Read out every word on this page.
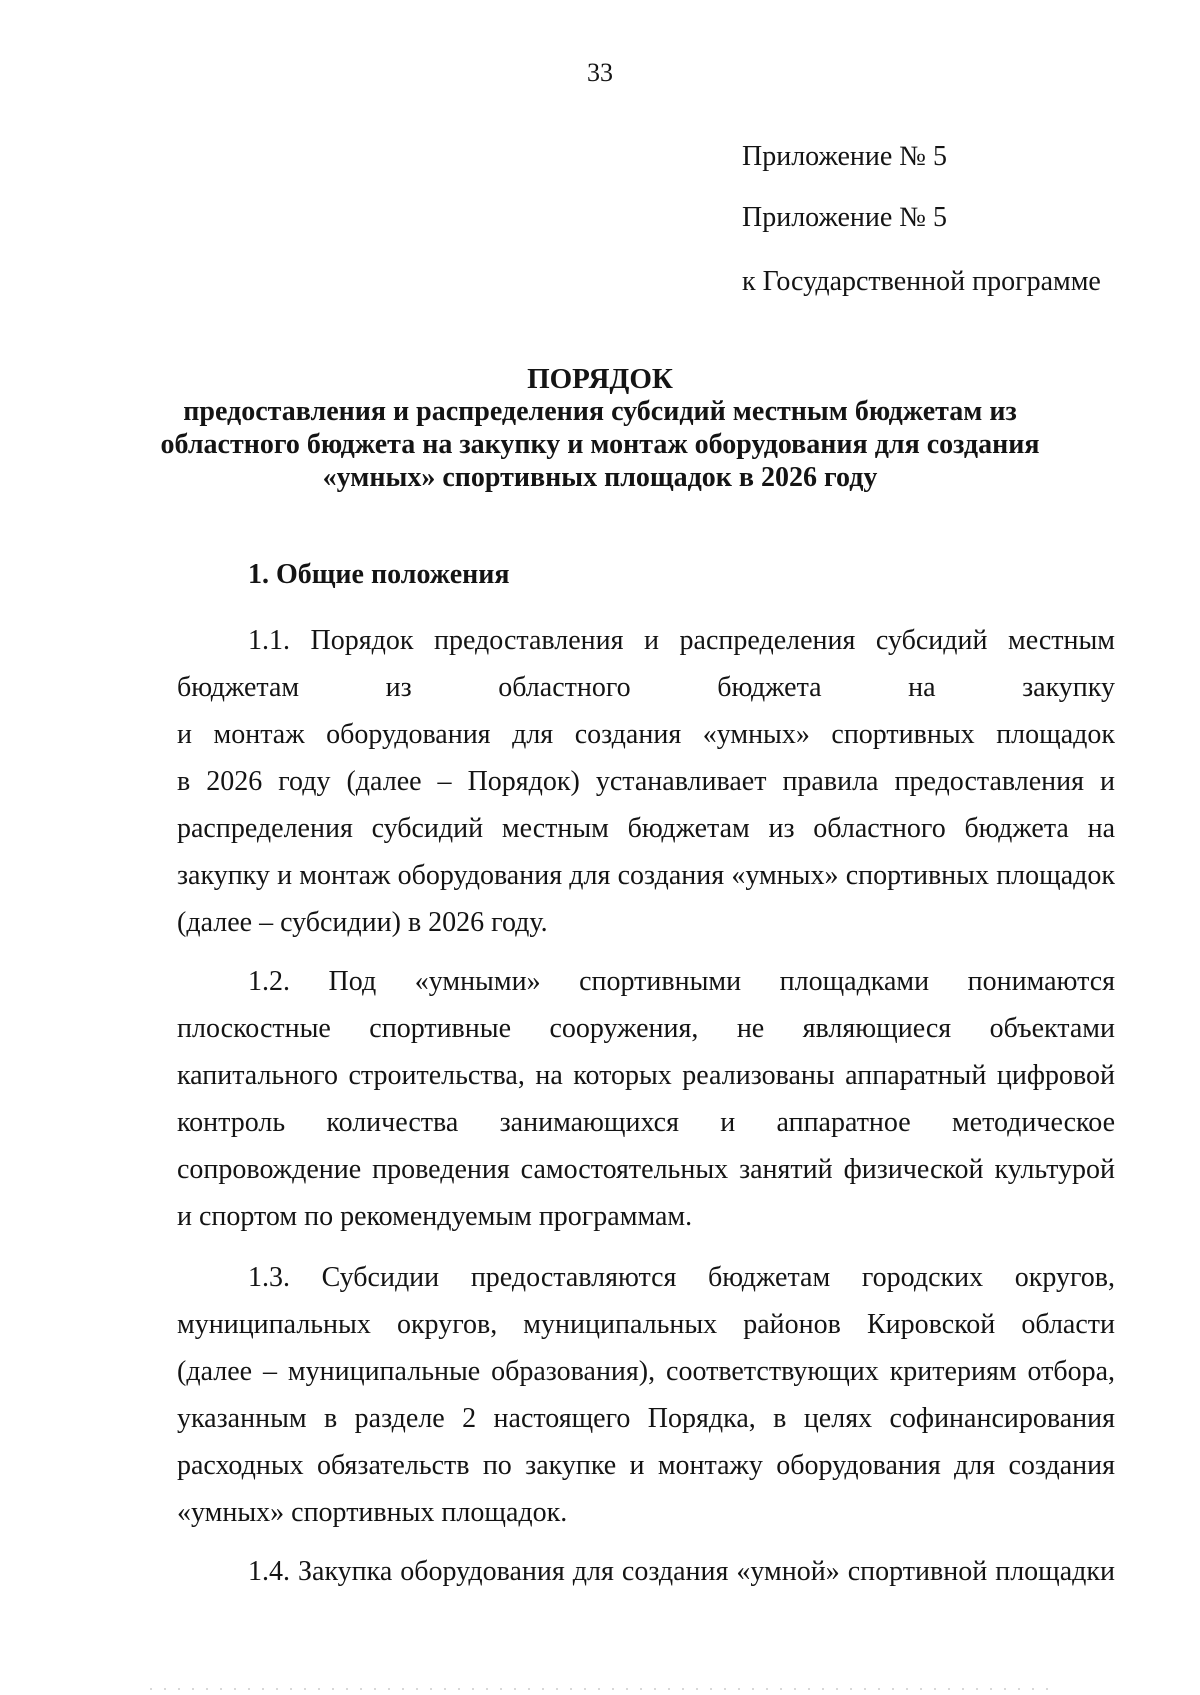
33
Приложение № 5
Приложение № 5
к Государственной программе
ПОРЯДОК
предоставления и распределения субсидий местным бюджетам из
областного бюджета на закупку и монтаж оборудования для создания
«умных» спортивных площадок в 2026 году
1. Общие положения
1.1. Порядок предоставления и распределения субсидий местным
бюджетам из областного бюджета на закупку
и монтаж оборудования для создания «умных» спортивных площадок
в 2026 году (далее – Порядок) устанавливает правила предоставления и
распределения субсидий местным бюджетам из областного бюджета на
закупку и монтаж оборудования для создания «умных» спортивных площадок
(далее – субсидии) в 2026 году.
1.2. Под «умными» спортивными площадками понимаются
плоскостные спортивные сооружения, не являющиеся объектами
капитального строительства, на которых реализованы аппаратный цифровой
контроль количества занимающихся и аппаратное методическое
сопровождение проведения самостоятельных занятий физической культурой
и спортом по рекомендуемым программам.
1.3. Субсидии предоставляются бюджетам городских округов,
муниципальных округов, муниципальных районов Кировской области
(далее – муниципальные образования), соответствующих критериям отбора,
указанным в разделе 2 настоящего Порядка, в целях софинансирования
расходных обязательств по закупке и монтажу оборудования для создания
«умных» спортивных площадок.
1.4. Закупка оборудования для создания «умной» спортивной площадки
